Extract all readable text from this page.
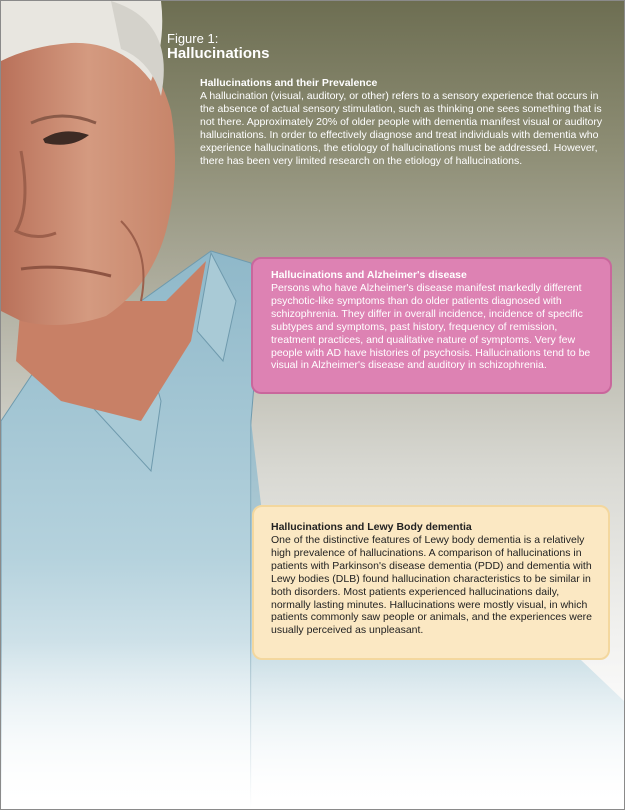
Figure 1:
Hallucinations
Hallucinations and their Prevalence

A hallucination (visual, auditory, or other) refers to a sensory experience that occurs in the absence of actual sensory stimulation, such as thinking one sees something that is not there. Approximately 20% of older people with dementia manifest visual or auditory hallucinations. In order to effectively diagnose and treat individuals with dementia who experience hallucinations, the etiology of hallucinations must be addressed. However, there has been very limited research on the etiology of hallucinations.

Hallucinations and Alzheimer's disease

Persons who have Alzheimer's disease manifest markedly different psychotic-like symptoms than do older patients diagnosed with schizophrenia. They differ in overall incidence, incidence of specific subtypes and symptoms, past history, frequency of remission, treatment practices, and qualitative nature of symptoms. Very few people with AD have histories of psychosis. Hallucinations tend to be visual in Alzheimer's disease and auditory in schizophrenia.

Hallucinations and Lewy Body dementia

One of the distinctive features of Lewy body dementia is a relatively high prevalence of hallucinations. A comparison of hallucinations in patients with Parkinson's disease dementia (PDD) and dementia with Lewy bodies (DLB) found hallucination characteristics to be similar in both disorders. Most patients experienced hallucinations daily, normally lasting minutes. Hallucinations were mostly visual, in which patients commonly saw people or animals, and the experiences were usually perceived as unpleasant.
